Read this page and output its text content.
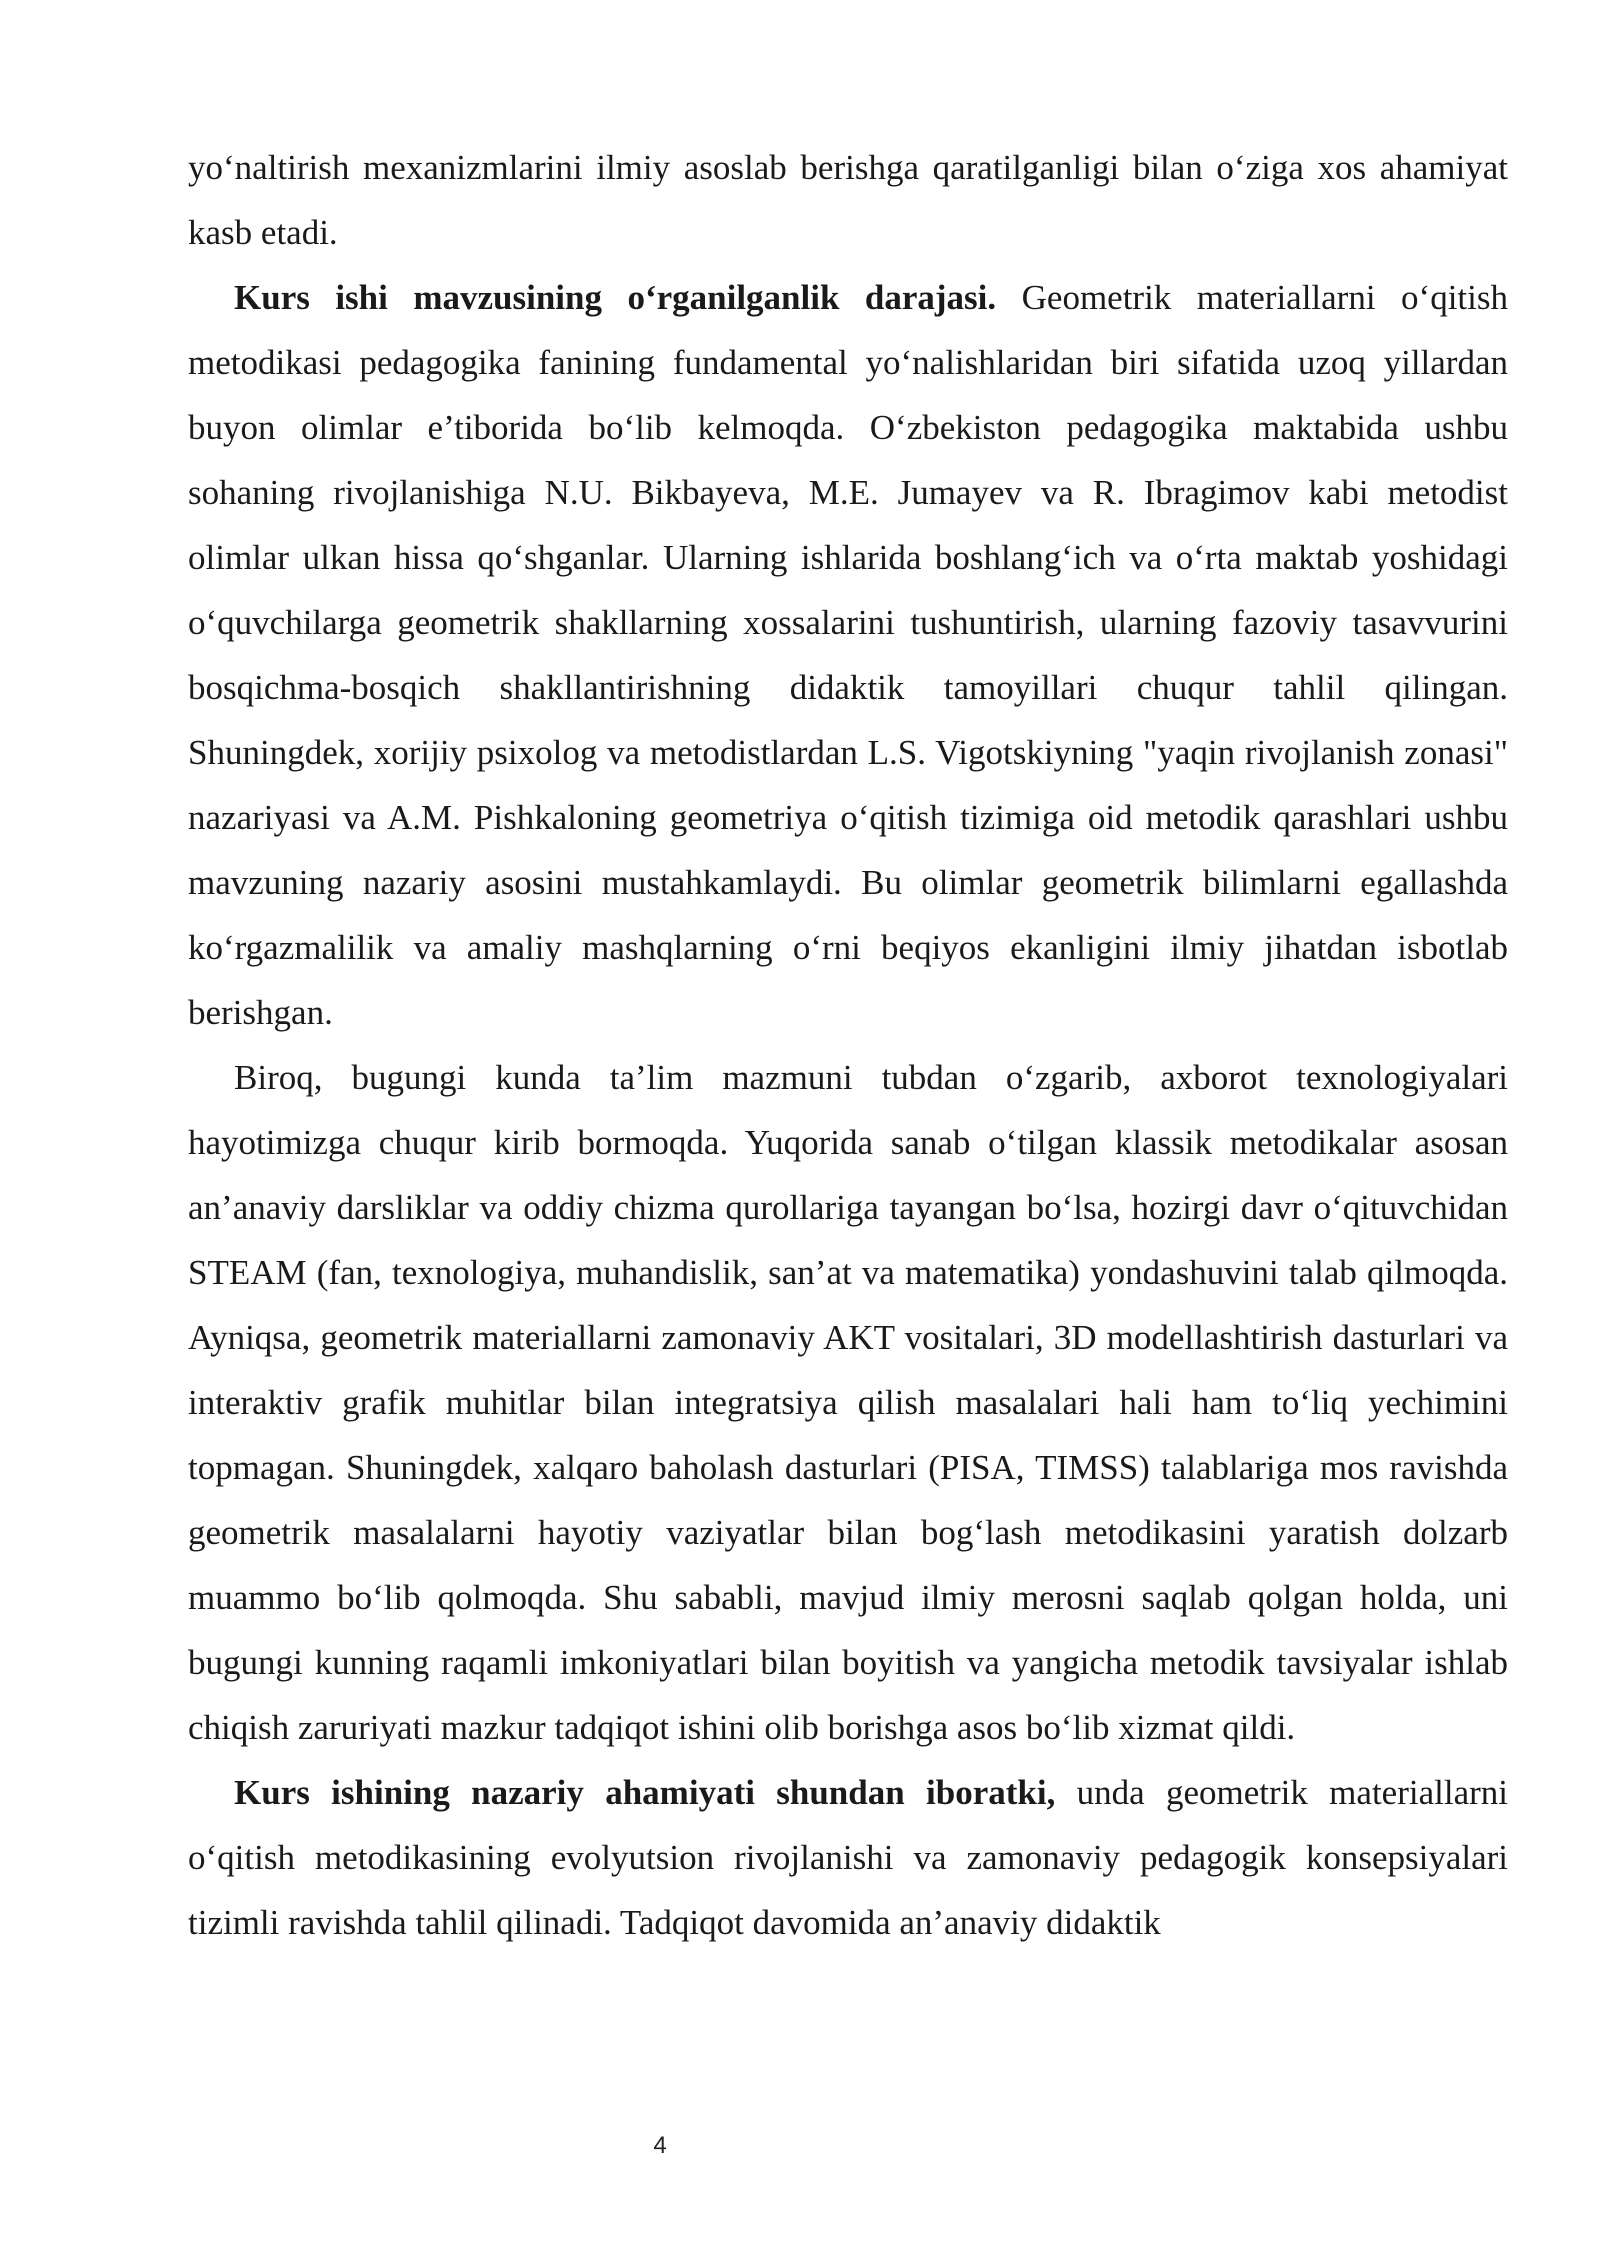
yo‘naltirish mexanizmlarini ilmiy asoslab berishga qaratilganligi bilan o‘ziga xos ahamiyat kasb etadi.

Kurs ishi mavzusining o‘rganilganlik darajasi. Geometrik materiallarni o‘qitish metodikasi pedagogika fanining fundamental yo‘nalishlaridan biri sifatida uzoq yillardan buyon olimlar e’tiborida bo‘lib kelmoqda. O‘zbekiston pedagogika maktabida ushbu sohaning rivojlanishiga N.U. Bikbayeva, M.E. Jumayev va R. Ibragimov kabi metodist olimlar ulkan hissa qo‘shganlar. Ularning ishlarida boshlang‘ich va o‘rta maktab yoshidagi o‘quvchilarga geometrik shakllarning xossalarini tushuntirish, ularning fazoviy tasavvurini bosqichma-bosqich shakllantirishning didaktik tamoyillari chuqur tahlil qilingan. Shuningdek, xorijiy psixolog va metodistlardan L.S. Vigotskiyning "yaqin rivojlanish zonasi" nazariyasi va A.M. Pishkaloning geometriya o‘qitish tizimiga oid metodik qarashlari ushbu mavzuning nazariy asosini mustahkamlaydi. Bu olimlar geometrik bilimlarni egallashda ko‘rgazmalilik va amaliy mashqlarning o‘rni beqiyos ekanligini ilmiy jihatdan isbotlab berishgan.

Biroq, bugungi kunda ta’lim mazmuni tubdan o‘zgarib, axborot texnologiyalari hayotimizga chuqur kirib bormoqda. Yuqorida sanab o‘tilgan klassik metodikalar asosan an’anaviy darsliklar va oddiy chizma qurollariga tayangan bo‘lsa, hozirgi davr o‘qituvchidan STEAM (fan, texnologiya, muhandislik, san’at va matematika) yondashuvini talab qilmoqda. Ayniqsa, geometrik materiallarni zamonaviy AKT vositalari, 3D modellashtirish dasturlari va interaktiv grafik muhitlar bilan integratsiya qilish masalalari hali ham to‘liq yechimini topmagan. Shuningdek, xalqaro baholash dasturlari (PISA, TIMSS) talablariga mos ravishda geometrik masalalarni hayotiy vaziyatlar bilan bog‘lash metodikasini yaratish dolzarb muammo bo‘lib qolmoqda. Shu sababli, mavjud ilmiy merosni saqlab qolgan holda, uni bugungi kunning raqamli imkoniyatlari bilan boyitish va yangicha metodik tavsiyalar ishlab chiqish zaruriyati mazkur tadqiqot ishini olib borishga asos bo‘lib xizmat qildi.

Kurs ishining nazariy ahamiyati shundan iboratki, unda geometrik materiallarni o‘qitish metodikasining evolyutsion rivojlanishi va zamonaviy pedagogik konsepsiyalari tizimli ravishda tahlil qilinadi. Tadqiqot davomida an’anaviy didaktik

4
